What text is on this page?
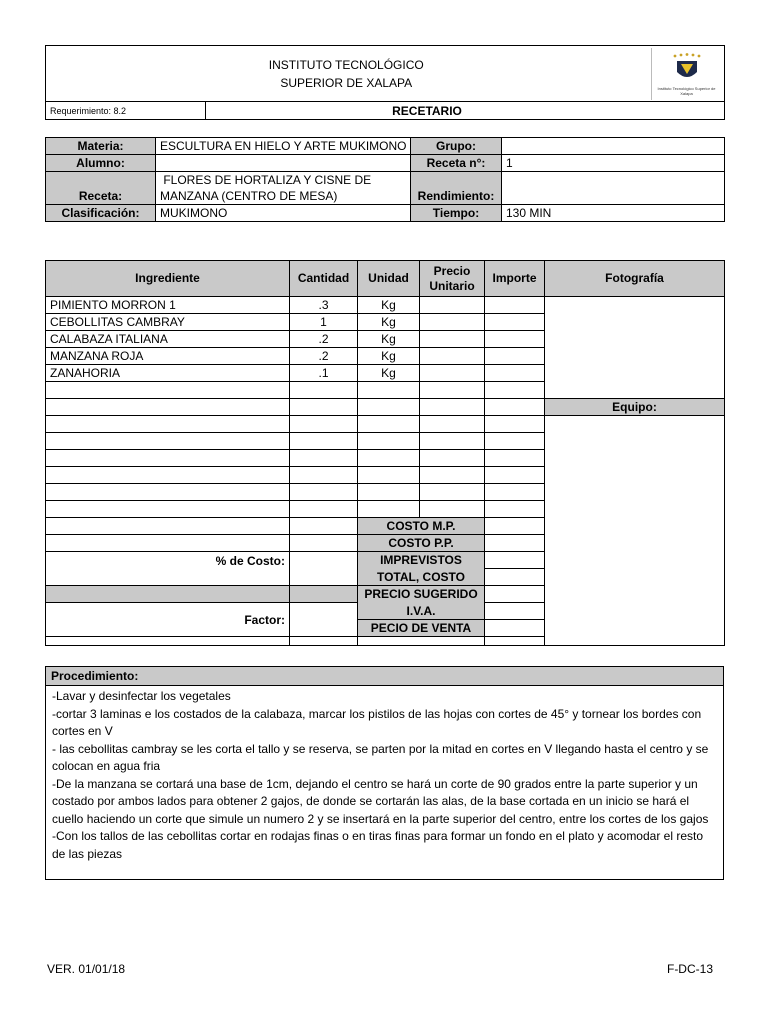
INSTITUTO TECNOLÓGICO
SUPERIOR DE XALAPA		Instituto Tecnológico Superior de Xalapa

Requerimiento: 8.2	RECETARIO	
Materia:	ESCULTURA EN HIELO Y ARTE MUKIMONO	Grupo:	
Alumno:		Receta n°:	1
Receta:	FLORES DE HORTALIZA Y CISNE DE
MANZANA (CENTRO DE MESA)	Rendimiento:	
Clasificación:	MUKIMONO	Tiempo:	130 MIN
Ingrediente	Cantidad	Unidad	Precio Unitario	Importe	Fotografía
PIMIENTO MORRON 1	.3	Kg			
CEBOLLITAS CAMBRAY	1	Kg			
CALABAZA ITALIANA	.2	Kg			
MANZANA ROJA	.2	Kg			
ZANAHORIA	.1	Kg			

					Equipo:

		COSTO M.P.			
		COSTO P.P.			
% de Costo:		IMPREVISTOS			
		TOTAL, COSTO			
		PRECIO SUGERIDO			
Factor:		I.V.A.			
		PECIO DE VENTA			

Procedimiento:
-Lavar y desinfectar los vegetales
-cortar 3 laminas e los costados de la calabaza, marcar los pistilos de las hojas con cortes de 45° y tornear los bordes con cortes en V
- las cebollitas cambray se les corta el tallo y se reserva, se parten por la mitad en cortes en V llegando hasta el centro y se colocan en agua fria
-De la manzana se cortará una base de 1cm, dejando el centro se hará un corte de 90 grados entre la parte superior y un costado por ambos lados para obtener 2 gajos, de donde se cortarán las alas, de la base cortada en un inicio se hará el cuello haciendo un corte que simule un numero 2 y se insertará en la parte superior del centro, entre los cortes de los gajos
-Con los tallos de las cebollitas cortar en rodajas finas o en tiras finas para formar un fondo en el plato y acomodar el resto de las piezas
VER. 01/01/18	F-DC-13
